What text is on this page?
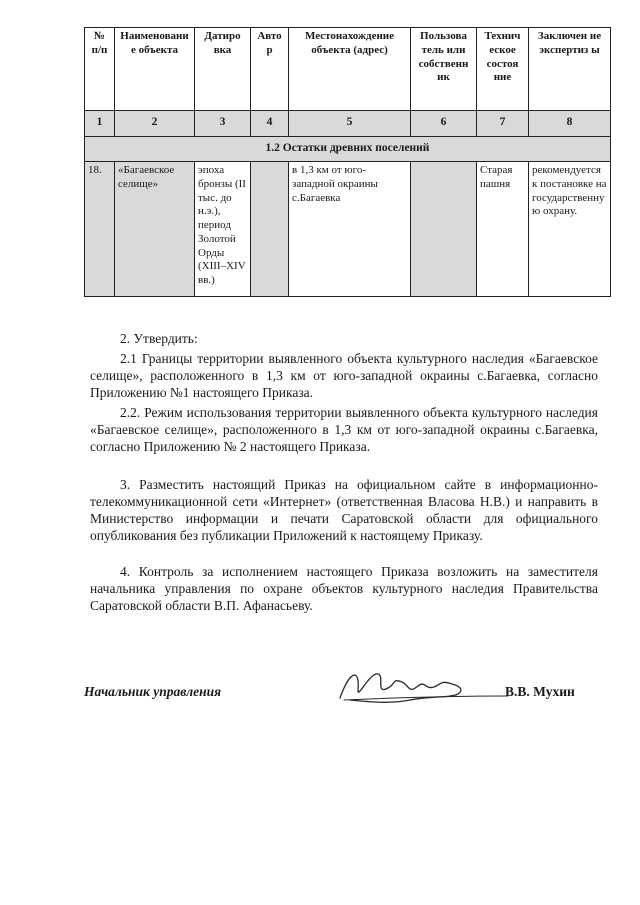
№ п/п	Наименовани е объекта	Датиро вка	Авто р	Местонахождение объекта (адрес)	Пользова тель или собственн ик	Технич еское состоя ние	Заключен ие экспертиз ы
1	2	3	4	5	6	7	8
1.2 Остатки древних поселений							
18.	«Багаевское селище»	эпоха бронзы (II тыс. до н.э.), период Золотой Орды (XIII–XIV вв.)		в 1,3 км от юго-западной окраины с.Багаевка		Старая пашня	рекомендуется к постановке на государственную охрану.

2. Утвердить:

2.1 Границы территории выявленного объекта культурного наследия «Багаевское селище», расположенного в 1,3 км от юго-западной окраины с.Багаевка, согласно Приложению №1 настоящего Приказа.

2.2. Режим использования территории выявленного объекта культурного наследия «Багаевское селище», расположенного в 1,3 км от юго-западной окраины с.Багаевка, согласно Приложению № 2 настоящего Приказа.

3. Разместить настоящий Приказ на официальном сайте в информационно-телекоммуникационной сети «Интернет» (ответственная Власова Н.В.) и направить в Министерство информации и печати Саратовской области для официального опубликования без публикации Приложений к настоящему Приказу.

4. Контроль за исполнением настоящего Приказа возложить на заместителя начальника управления по охране объектов культурного наследия Правительства Саратовской области В.П. Афанасьеву.

Начальник управления	В.В. Мухин
